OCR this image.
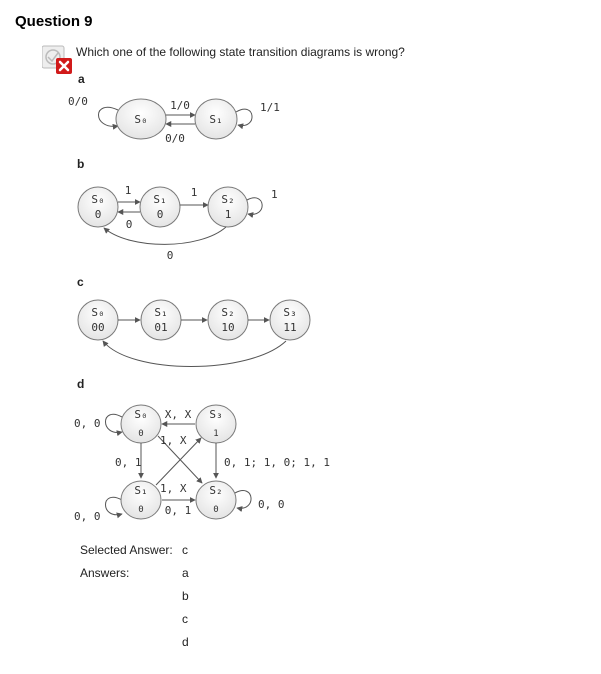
Question 9
Which one of the following state transition diagrams is wrong?
a
b
c
d
0/0
S₀
1/0
0/0
S₁
1/1
S₀
0
1
0
S₁
0
1
S₂
1
1
0
S₀
00
S₁
01
S₂
10
S₃
11
0, 0
S₀
0
X, X S₃
1
0, 1	0, 1; 1, 0; 1, 1
1, X
1, X
0, 0
S₁
0 0, 1
S₂
0	0, 0
Selected Answer: c
Answers:	a
b
c
d
